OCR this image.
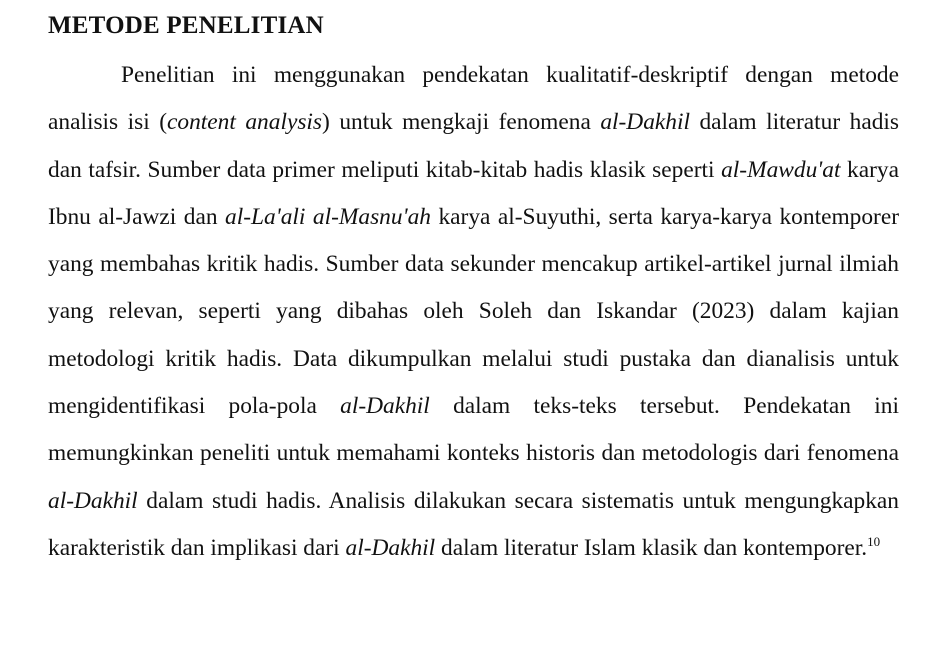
METODE PENELITIAN

Penelitian ini menggunakan pendekatan kualitatif-deskriptif dengan metode analisis isi (content analysis) untuk mengkaji fenomena al-Dakhil dalam literatur hadis dan tafsir. Sumber data primer meliputi kitab-kitab hadis klasik seperti al-Mawdu'at karya Ibnu al-Jawzi dan al-La'ali al-Masnu'ah karya al-Suyuthi, serta karya-karya kontemporer yang membahas kritik hadis. Sumber data sekunder mencakup artikel-artikel jurnal ilmiah yang relevan, seperti yang dibahas oleh Soleh dan Iskandar (2023) dalam kajian metodologi kritik hadis. Data dikumpulkan melalui studi pustaka dan dianalisis untuk mengidentifikasi pola-pola al-Dakhil dalam teks-teks tersebut. Pendekatan ini memungkinkan peneliti untuk memahami konteks historis dan metodologis dari fenomena al-Dakhil dalam studi hadis. Analisis dilakukan secara sistematis untuk mengungkapkan karakteristik dan implikasi dari al-Dakhil dalam literatur Islam klasik dan kontemporer.$^{10}$
